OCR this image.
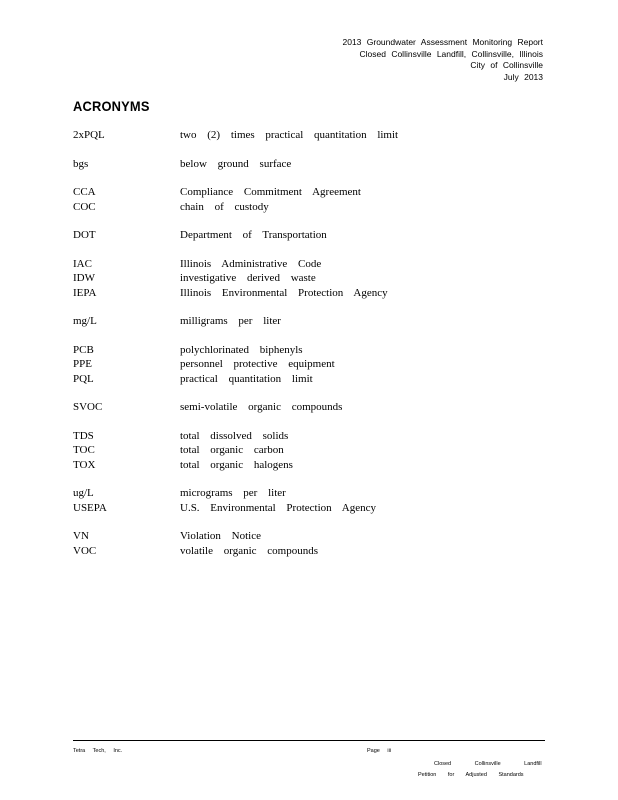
2013 Groundwater Assessment Monitoring Report
Closed Collinsville Landfill, Collinsville, Illinois
City of Collinsville
July 2013
ACRONYMS
2xPQL	two (2) times practical quantitation limit
bgs	below ground surface
CCA	Compliance Commitment Agreement
COC	chain of custody
DOT	Department of Transportation
IAC	Illinois Administrative Code
IDW	investigative derived waste
IEPA	Illinois Environmental Protection Agency
mg/L	milligrams per liter
PCB	polychlorinated biphenyls
PPE	personnel protective equipment
PQL	practical quantitation limit
SVOC	semi-volatile organic compounds
TDS	total dissolved solids
TOC	total organic carbon
TOX	total organic halogens
ug/L	micrograms per liter
USEPA	U.S. Environmental Protection Agency
VN	Violation Notice
VOC	volatile organic compounds
Tetra Tech, Inc.	Page iii
Closed Collinsville Landfill
Petition for Adjusted Standards
